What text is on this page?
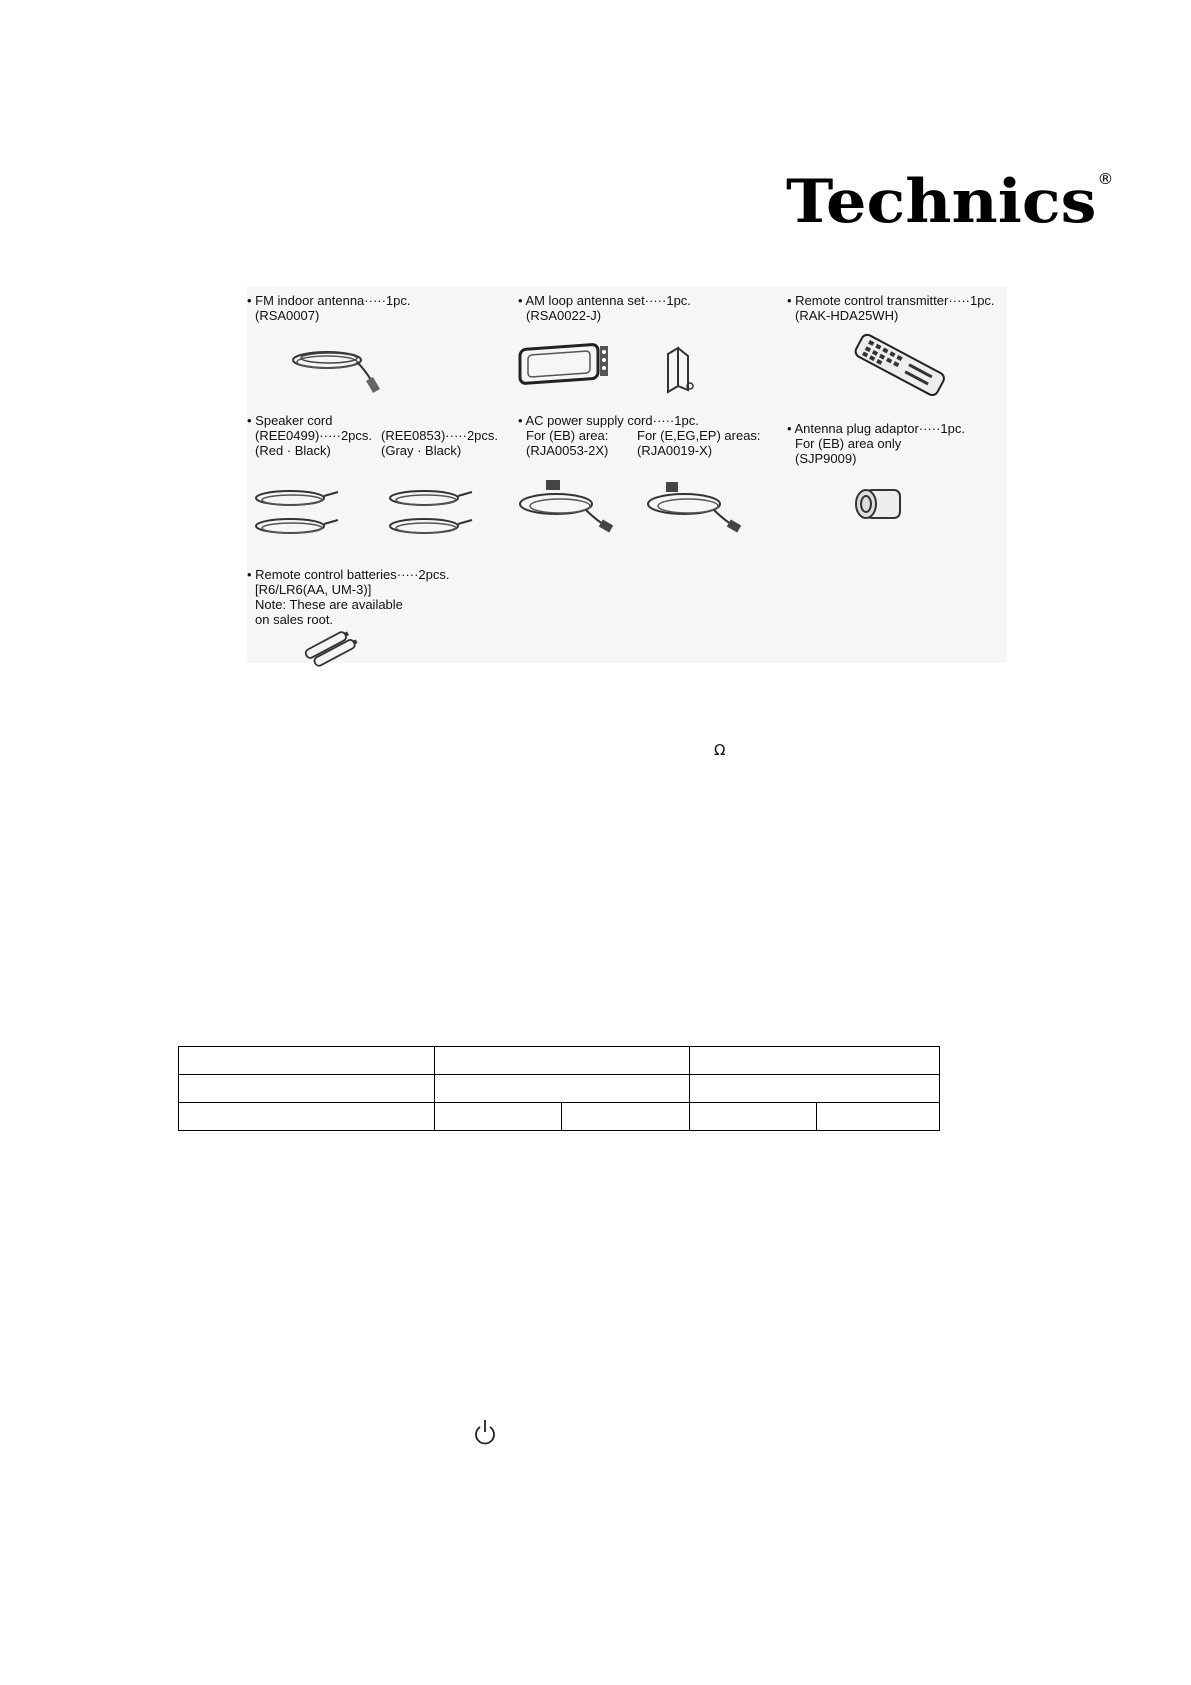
Technics ®
• FM indoor antenna·····1pc.
(RSA0007)
• AM loop antenna set·····1pc.
(RSA0022-J)
• Remote control transmitter·····1pc.
(RAK-HDA25WH)
• Speaker cord
(REE0499)·····2pcs.
(Red · Black)
(REE0853)·····2pcs.
(Gray · Black)
• AC power supply cord·····1pc.
For (EB) area:
(RJA0053-2X)
For (E,EG,EP) areas:
(RJA0019-X)
• Antenna plug adaptor·····1pc.
For (EB) area only
(SJP9009)
• Remote control batteries·····2pcs.
[R6/LR6(AA, UM-3)]
Note: These are available
on sales root.
Ω
